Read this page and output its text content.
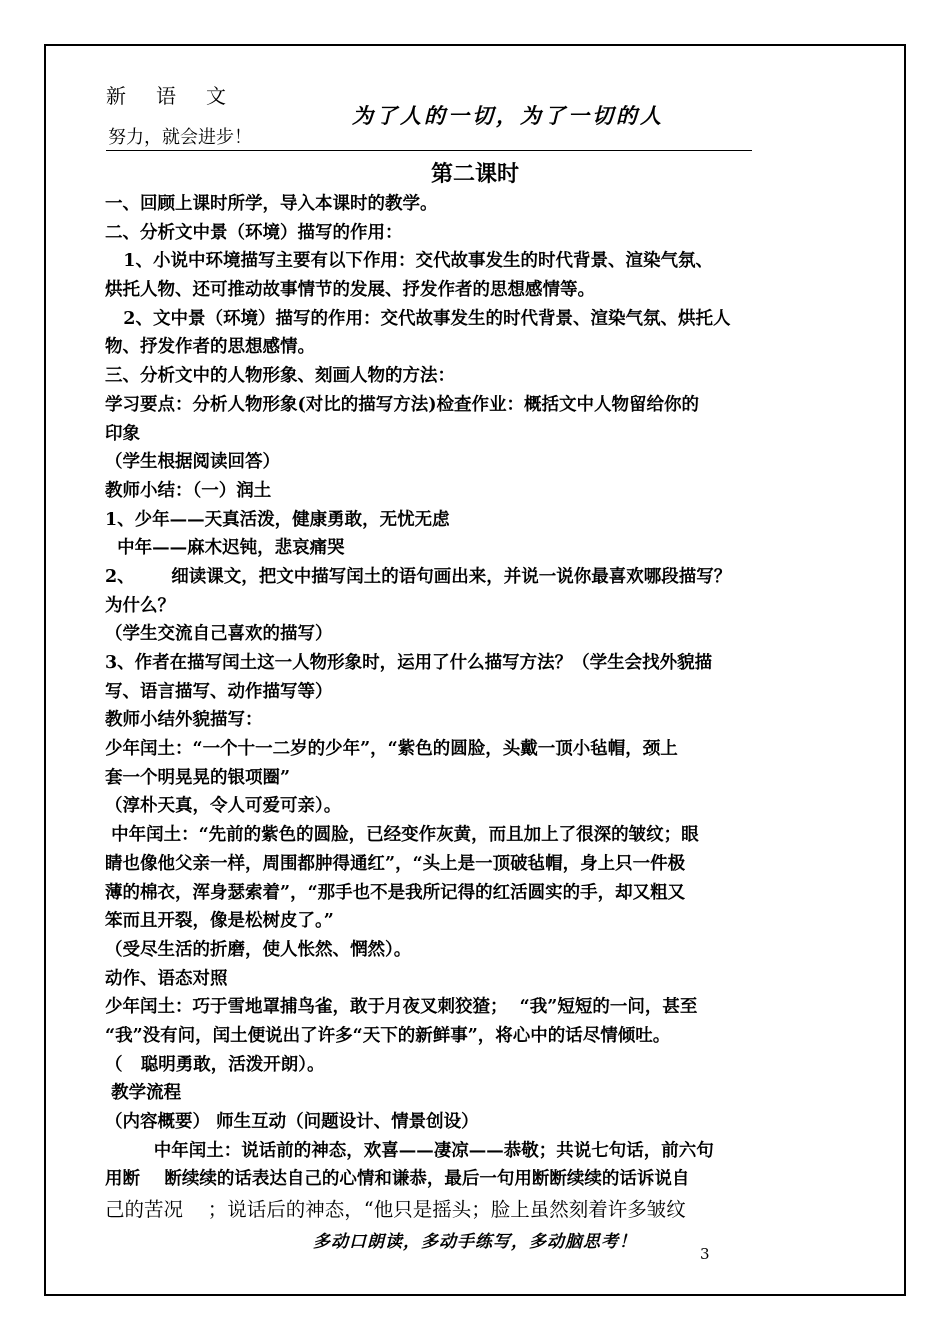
新语文
努力，就会进步！
为了人的一切，为了一切的人
第二课时
一、回顾上课时所学，导入本课时的教学。
二、分析文中景（环境）描写的作用：
1、小说中环境描写主要有以下作用：交代故事发生的时代背景、渲染气氛、
烘托人物、还可推动故事情节的发展、抒发作者的思想感情等。
2、文中景（环境）描写的作用：交代故事发生的时代背景、渲染气氛、烘托人
物、抒发作者的思想感情。
三、分析文中的人物形象、刻画人物的方法：
学习要点：分析人物形象(对比的描写方法)检查作业：概括文中人物留给你的
印象
（学生根据阅读回答）
教师小结：（一）润土
1、少年——天真活泼，健康勇敢，无忧无虑
中年——麻木迟钝，悲哀痛哭
2、      细读课文，把文中描写闰土的语句画出来，并说一说你最喜欢哪段描写？
为什么？
（学生交流自己喜欢的描写）
3、作者在描写闰土这一人物形象时，运用了什么描写方法？（学生会找外貌描
写、语言描写、动作描写等）
教师小结外貌描写：
少年闰土：“一个十一二岁的少年”，“紫色的圆脸，头戴一顶小毡帽，颈上
套一个明晃晃的银项圈”
（淳朴天真，令人可爱可亲）。
中年闰土：“先前的紫色的圆脸，已经变作灰黄，而且加上了很深的皱纹；眼
睛也像他父亲一样，周围都肿得通红”，“头上是一顶破毡帽，身上只一件极
薄的棉衣，浑身瑟索着”，“那手也不是我所记得的红活圆实的手，却又粗又
笨而且开裂，像是松树皮了。”
（受尽生活的折磨，使人怅然、惘然）。
动作、语态对照
少年闰土：巧于雪地罩捕鸟雀，敢于月夜叉刺狡猹；  “我”短短的一问，甚至
“我”没有问，闰土便说出了许多“天下的新鲜事”，将心中的话尽情倾吐。
（   聪明勇敢，活泼开朗）。
教学流程
（内容概要） 师生互动（问题设计、情景创设）
中年闰土：说话前的神态，欢喜——凄凉——恭敬；共说七句话，前六句
用断    断续续的话表达自己的心情和谦恭，最后一句用断断续续的话诉说自
己的苦况    ；说话后的神态，“他只是摇头；脸上虽然刻着许多皱纹
多动口朗读，多动手练写，多动脑思考！
3
